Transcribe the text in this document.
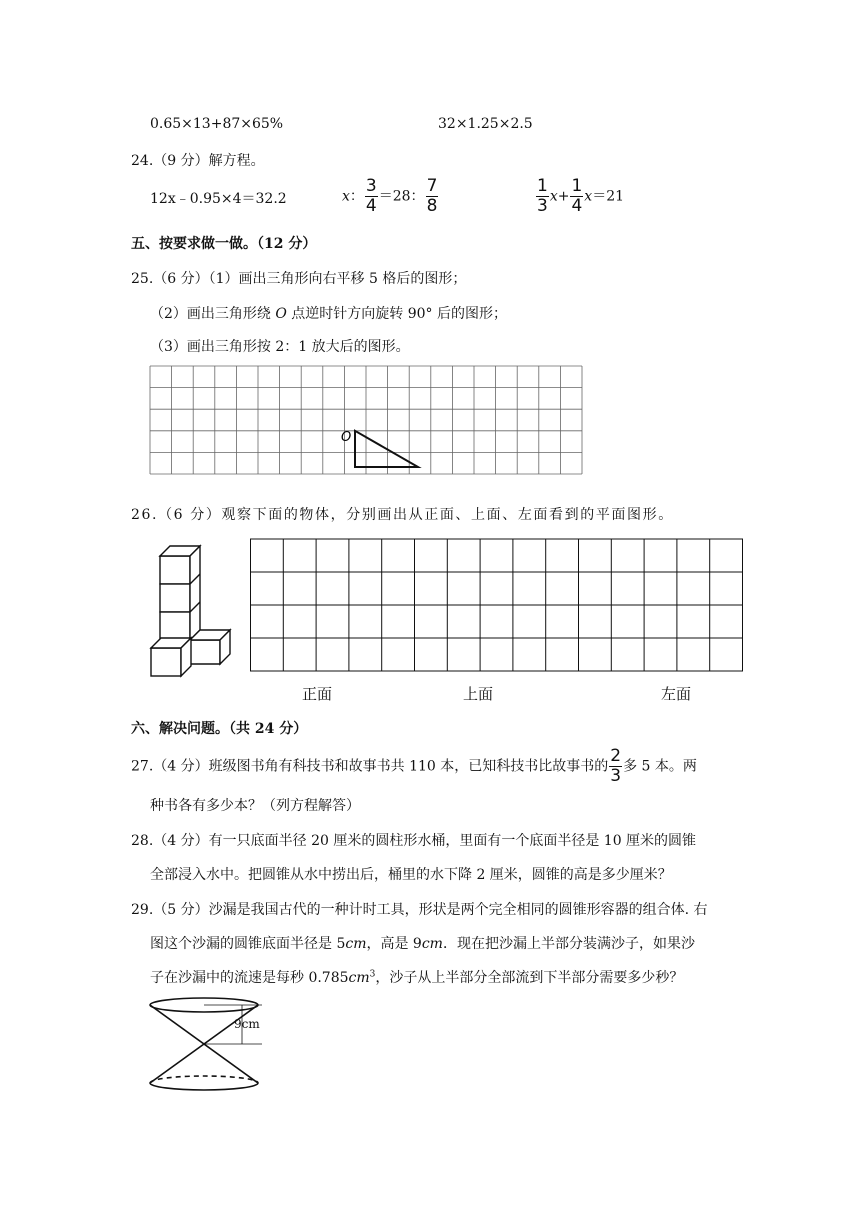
0.65×13+87×65%	32×1.25×2.5
24.（9 分）解方程。
12x﹣0.95×4＝32.2	x： $\frac{3}{4} =28$： $\frac{7}{8}$	$\frac{1}{3} x+ \frac{1}{4} x=21$
五、按要求做一做。（12 分）
25.（6 分）（1）画出三角形向右平移 5 格后的图形；
（2）画出三角形绕 O 点逆时针方向旋转 90° 后的图形；
（3）画出三角形按 2：1 放大后的图形。
O
26.（6 分）观察下面的物体，分别画出从正面、上面、左面看到的平面图形。
正面	上面	左面
六、解决问题。（共 24 分）
27.（4 分）班级图书角有科技书和故事书共 110 本，已知科技书比故事书的 $\frac{2}{3}$ 多 5 本。两
种书各有多少本？（列方程解答）
28.（4 分）有一只底面半径 20 厘米的圆柱形水桶，里面有一个底面半径是 10 厘米的圆锥
全部浸入水中。把圆锥从水中捞出后，桶里的水下降 2 厘米，圆锥的高是多少厘米？
29.（5 分）沙漏是我国古代的一种计时工具，形状是两个完全相同的圆锥形容器的组合体. 右
图这个沙漏的圆锥底面半径是 5cm，高是 9cm．现在把沙漏上半部分装满沙子，如果沙
子在沙漏中的流速是每秒 $0.785cm^3$，沙子从上半部分全部流到下半部分需要多少秒？
9cm
